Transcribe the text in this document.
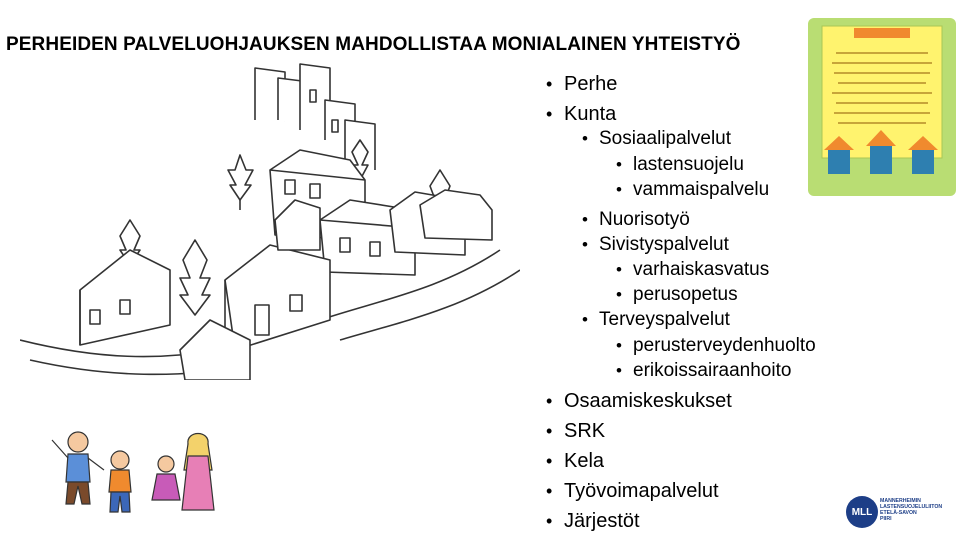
PERHEIDEN PALVELUOHJAUKSEN MAHDOLLISTAA MONIALAINEN YHTEISTYÖ
MLL
MANNERHEIMIN
LASTENSUOJELULIITON
ETELÄ-SAVON
PIIRI
• Perhe
• Kunta
• Sosiaalipalvelut
• lastensuojelu
• vammaispalvelu
• Nuorisotyö
• Sivistyspalvelut
• varhaiskasvatus
• perusopetus
• Terveyspalvelut
• perusterveydenhuolto
• erikoissairaanhoito
• Osaamiskeskukset
• SRK
• Kela
• Työvoimapalvelut
• Järjestöt
